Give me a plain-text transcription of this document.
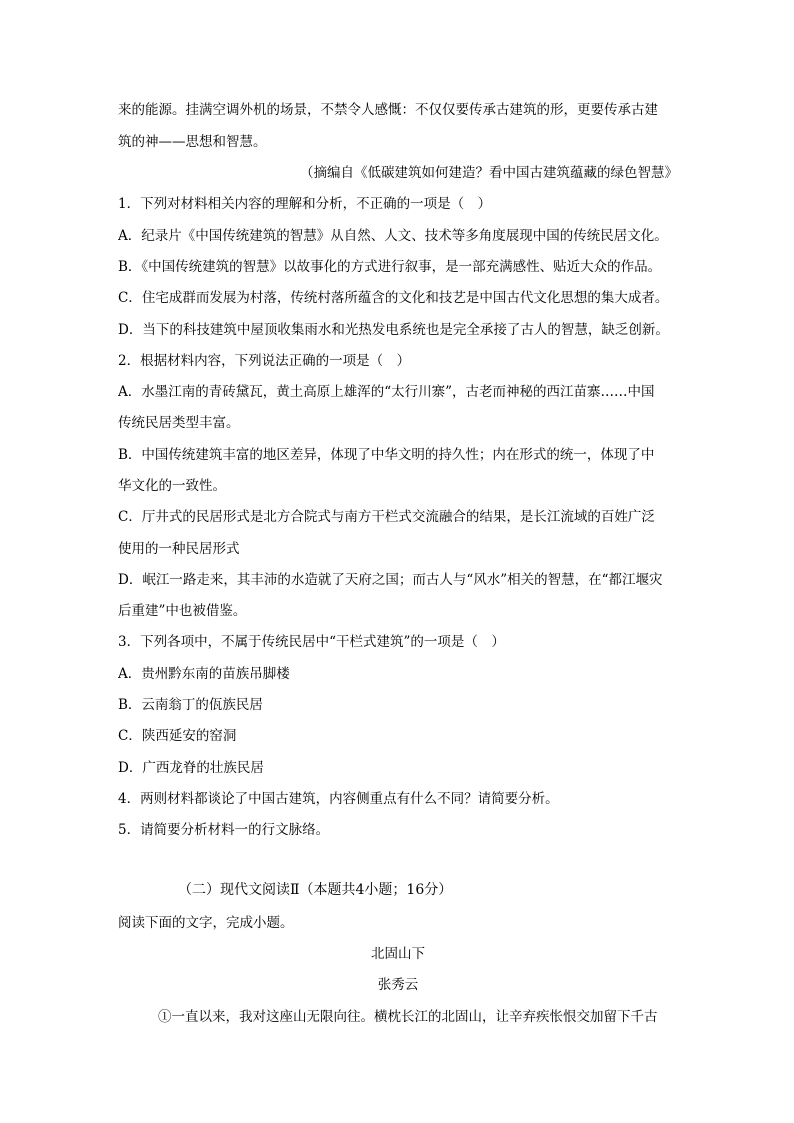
来的能源。挂满空调外机的场景，不禁令人感慨：不仅仅要传承古建筑的形，更要传承古建
筑的神——思想和智慧。
（摘编自《低碳建筑如何建造？看中国古建筑蕴藏的绿色智慧》
1．下列对材料相关内容的理解和分析，不正确的一项是（　）
A．纪录片《中国传统建筑的智慧》从自然、人文、技术等多角度展现中国的传统民居文化。
B．《中国传统建筑的智慧》以故事化的方式进行叙事，是一部充满感性、贴近大众的作品。
C．住宅成群而发展为村落，传统村落所蕴含的文化和技艺是中国古代文化思想的集大成者。
D．当下的科技建筑中屋顶收集雨水和光热发电系统也是完全承接了古人的智慧，缺乏创新。
2．根据材料内容，下列说法正确的一项是（　）
A．水墨江南的青砖黛瓦，黄土高原上雄浑的“太行川寨”，古老而神秘的西江苗寨……中国
传统民居类型丰富。
B．中国传统建筑丰富的地区差异，体现了中华文明的持久性；内在形式的统一，体现了中
华文化的一致性。
C．厅井式的民居形式是北方合院式与南方干栏式交流融合的结果，是长江流域的百姓广泛
使用的一种民居形式
D．岷江一路走来，其丰沛的水造就了天府之国；而古人与“风水”相关的智慧，在“都江堰灾
后重建”中也被借鉴。
3．下列各项中，不属于传统民居中“干栏式建筑”的一项是（　）
A．贵州黔东南的苗族吊脚楼
B．云南翁丁的佤族民居
C．陕西延安的窑洞
D．广西龙脊的壮族民居
4．两则材料都谈论了中国古建筑，内容侧重点有什么不同？请简要分析。
5．请简要分析材料一的行文脉络。
（二）现代文阅读Ⅱ（本题共4小题；16分）
阅读下面的文字，完成小题。
北固山下
张秀云
①一直以来，我对这座山无限向往。横枕长江的北固山，让辛弃疾怅恨交加留下千古
